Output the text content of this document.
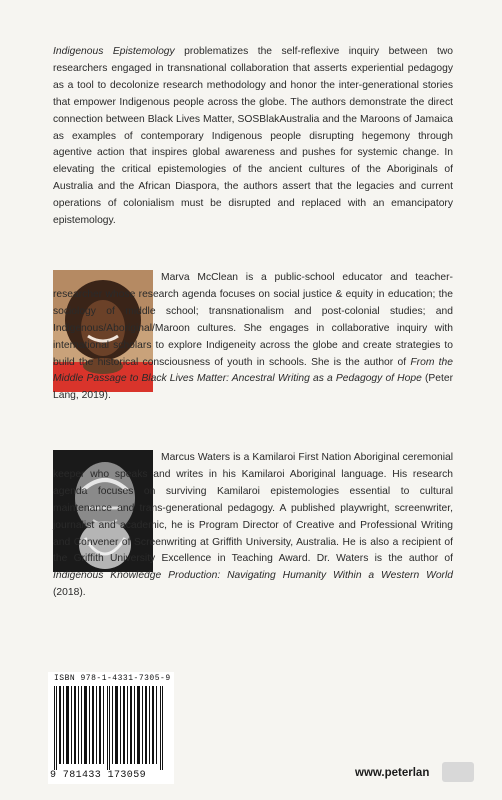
Indigenous Epistemology problematizes the self-reflexive inquiry between two researchers engaged in transnational collaboration that asserts experiential pedagogy as a tool to decolonize research methodology and honor the inter-generational stories that empower Indigenous people across the globe. The authors demonstrate the direct connection between Black Lives Matter, SOSBlakAustralia and the Maroons of Jamaica as examples of contemporary Indigenous people disrupting hegemony through agentive action that inspires global awareness and pushes for systemic change. In elevating the critical epistemologies of the ancient cultures of the Aboriginals of Australia and the African Diaspora, the authors assert that the legacies and current operations of colonialism must be disrupted and replaced with an emancipatory epistemology.

Marva McClean is a public-school educator and teacher-researcher whose research agenda focuses on social justice & equity in education; the sociology of middle school; transnationalism and post-colonial studies; and Indigenous/Aboriginal/Maroon cultures. She engages in collaborative inquiry with international scholars to explore Indigeneity across the globe and create strategies to build the historical consciousness of youth in schools. She is the author of From the Middle Passage to Black Lives Matter: Ancestral Writing as a Pedagogy of Hope (Peter Lang, 2019).

Marcus Waters is a Kamilaroi First Nation Aboriginal ceremonial keeper who speaks and writes in his Kamilaroi Aboriginal language. His research agenda focuses on surviving Kamilaroi epistemologies essential to cultural maintenance and trans-generational pedagogy. A published playwright, screenwriter, journalist and academic, he is Program Director of Creative and Professional Writing and Convener of Screenwriting at Griffith University, Australia. He is also a recipient of the Griffith University Excellence in Teaching Award. Dr. Waters is the author of Indigenous Knowledge Production: Navigating Humanity Within a Western World (2018).

ISBN 978-1-4331-7305-9
9 781433 173059	www.peterlan
